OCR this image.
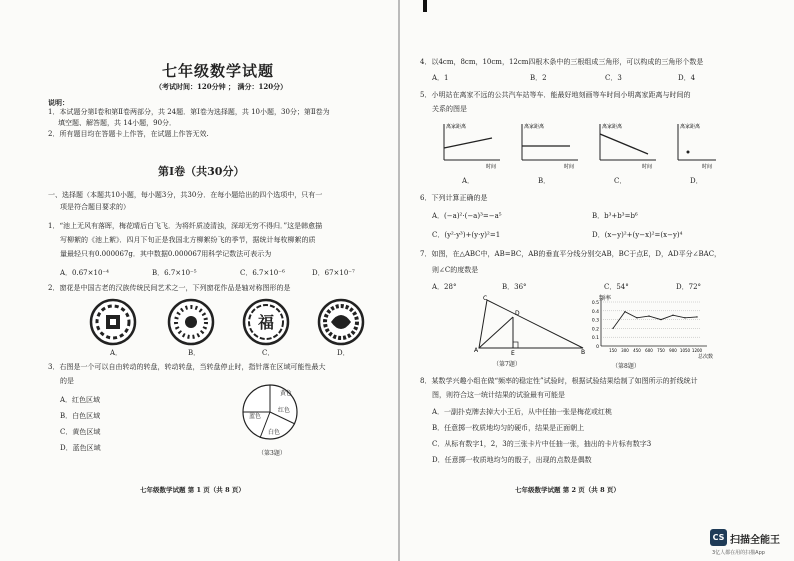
七年级数学试题
（考试时间：120分钟 ； 满分：120分）
说明：
1．本试题分第Ⅰ卷和第Ⅱ卷两部分，共 24题．第Ⅰ卷为选择题，共 10小题，30分；第Ⅱ卷为
填空题、解答题，共 14小题，90分．
2．所有题目均在答题卡上作答，在试题上作答无效.
第Ⅰ卷（共30分）
一、选择题（本题共10小题，每小题3分，共30分．在每小题给出的四个选项中，只有一
项是符合题目要求的）
1．“池上无风有落晖，梅花晴后白飞飞．为将纤质凌清浊，深却无穷不得归．”这是韩愈描
写柳絮的《池上絮》．四月下旬正是我国北方柳絮纷飞的季节，据统计每枚柳絮的质
量最轻只有0.000067g．其中数据0.000067用科学记数法可表示为
A．0.67×10⁻⁴	B．6.7×10⁻⁵	C．6.7×10⁻⁶	D．67×10⁻⁷
2．窗花是中国古老的汉族传统民间艺术之一，下列窗花作品是轴对称图形的是
福
A．	B．	C．	D．
3．右图是一个可以自由转动的转盘，转动转盘，当转盘停止时，指针落在区域可能性最大
的是
A．红色区域
B．白色区域
C．黄色区域
D．蓝色区域
黄色
蓝色
红色
白色
（第3题）
七年级数学试题 第 1 页（共 8 页）
4．以4cm，8cm，10cm，12cm四根木条中的三根组成三角形，可以构成的三角形个数是
A．1	B．2	C．3	D．4
5．小明站在离家不远的公共汽车站等车．能最好地刻画等车时间小明离家距离与时间的
关系的图是
离家距离
时间
离家距离
时间
离家距离
时间
离家距离
时间
A．	B．	C．	D．
6．下列计算正确的是
A．(−a)²·(−a)³=−a⁵	B．b³+b³=b⁶
C．(y²·y³)+(y·y)²=1	D．(x−y)²+(y−x)²=(x−y)⁴
7．如图，在△ABC中，AB=BC，AB的垂直平分线分别交AB，BC于点E，D，AD平分∠BAC，
则∠C的度数是
A．28°	B．36°	C．54°	D．72°
C
D
A	E	B
（第7题）
0.5
0.4
0.3
0.2
0.1
0
150 300 450 600 750 900 1050 1200
频率
总次数
（第8题）
8．某数学兴趣小组在做“频率的稳定性”试验时，根据试验结果绘制了如图所示的折线统计
图，则符合这一统计结果的试验最有可能是
A．一副扑克牌去掉大小王后，从中任抽一张是梅花或红桃
B．任意掷一枚质地均匀的硬币，结果是正面朝上
C．从标有数字1，2，3的三张卡片中任抽一张，抽出的卡片标有数字3
D．任意掷一枚质地均匀的骰子，出现的点数是偶数
七年级数学试题 第 2 页（共 8 页）
CS 扫描全能王
3亿人都在用的扫描App
